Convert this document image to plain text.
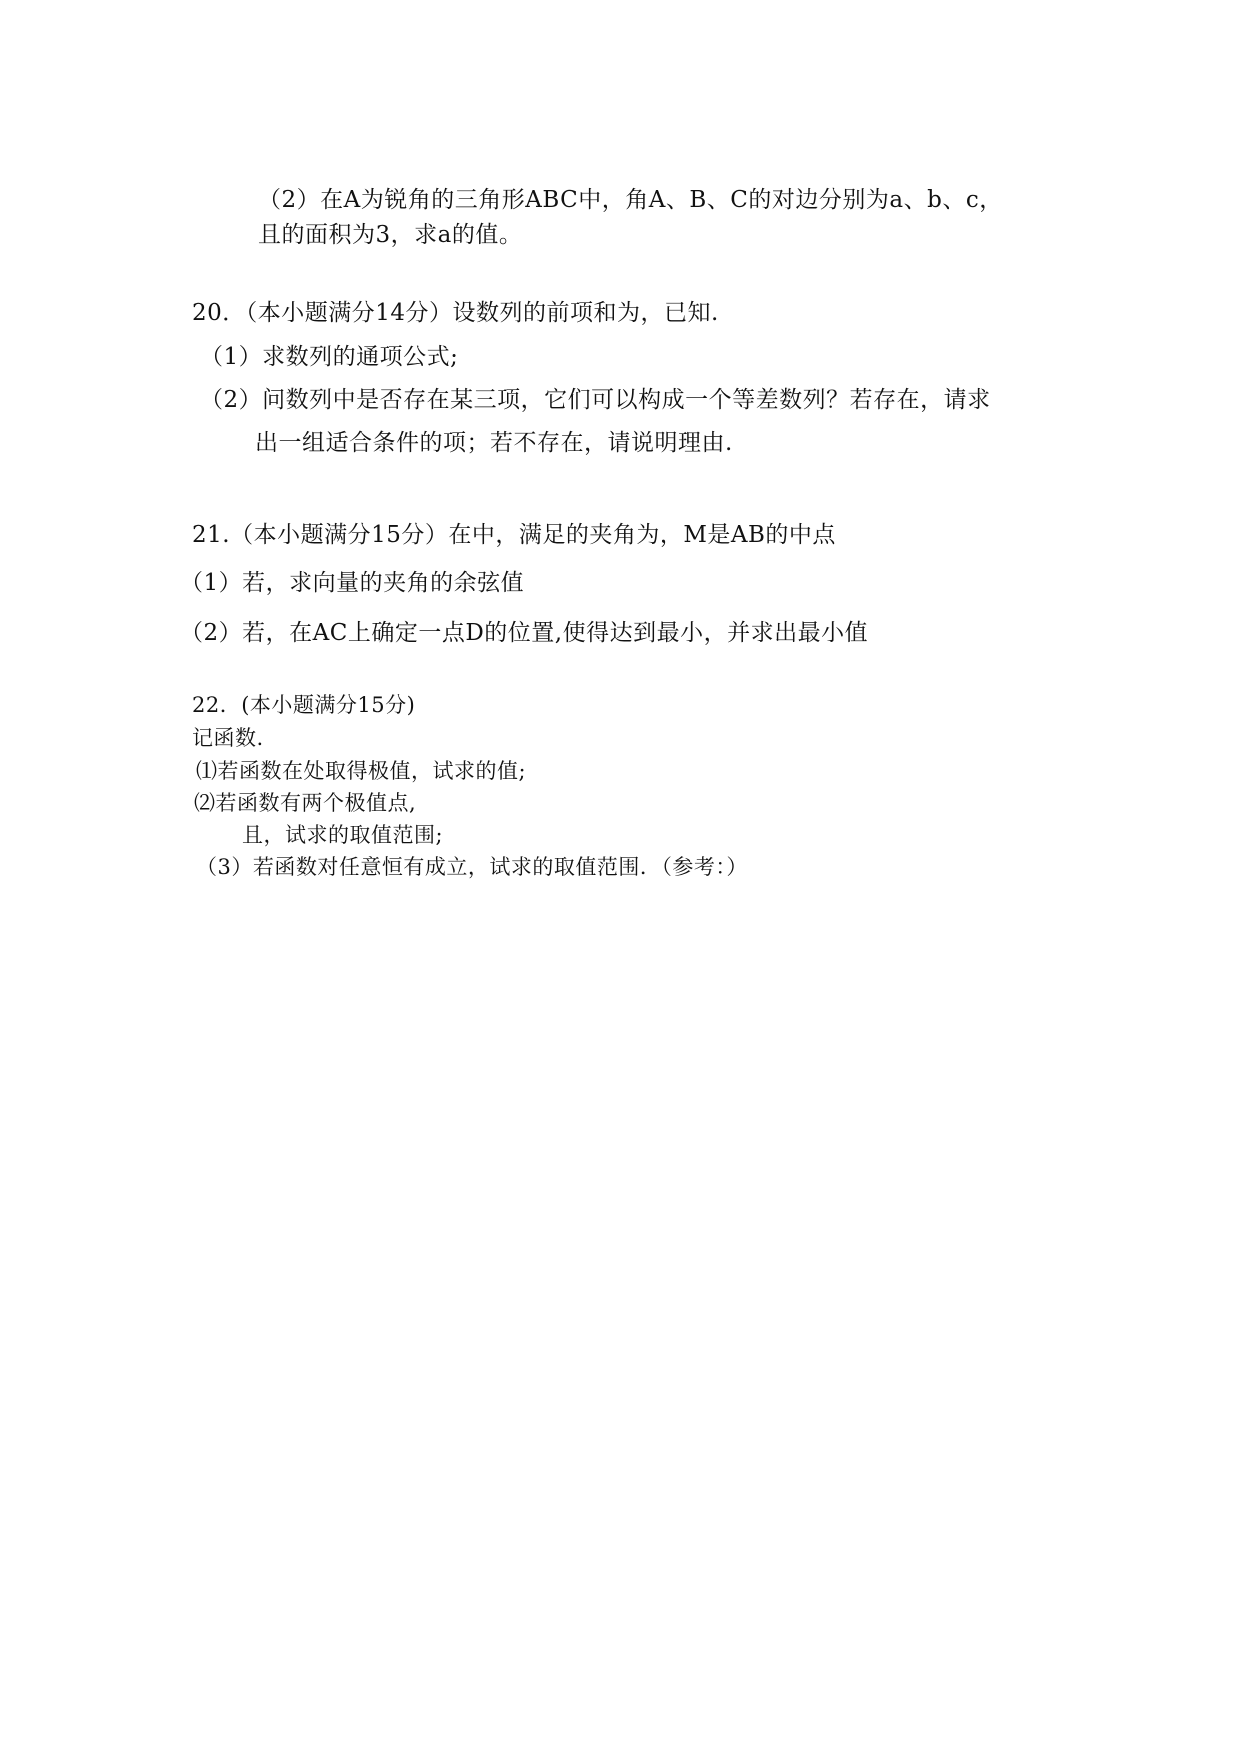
（2）在A为锐角的三角形ABC中，角A、B、C的对边分别为a、b、c，
且的面积为3，求a的值。
20．（本小题满分14分）设数列的前项和为，已知.
（1）求数列的通项公式;
（2）问数列中是否存在某三项，它们可以构成一个等差数列？若存在，请求
出一组适合条件的项；若不存在，请说明理由.
21.（本小题满分15分）在中，满足的夹角为，M是AB的中点
（1）若，求向量的夹角的余弦值
（2）若，在AC上确定一点D的位置,使得达到最小，并求出最小值
22．(本小题满分15分)
记函数.
⑴若函数在处取得极值，试求的值;
⑵若函数有两个极值点,
且，试求的取值范围;
（3）若函数对任意恒有成立，试求的取值范围．（参考：）
